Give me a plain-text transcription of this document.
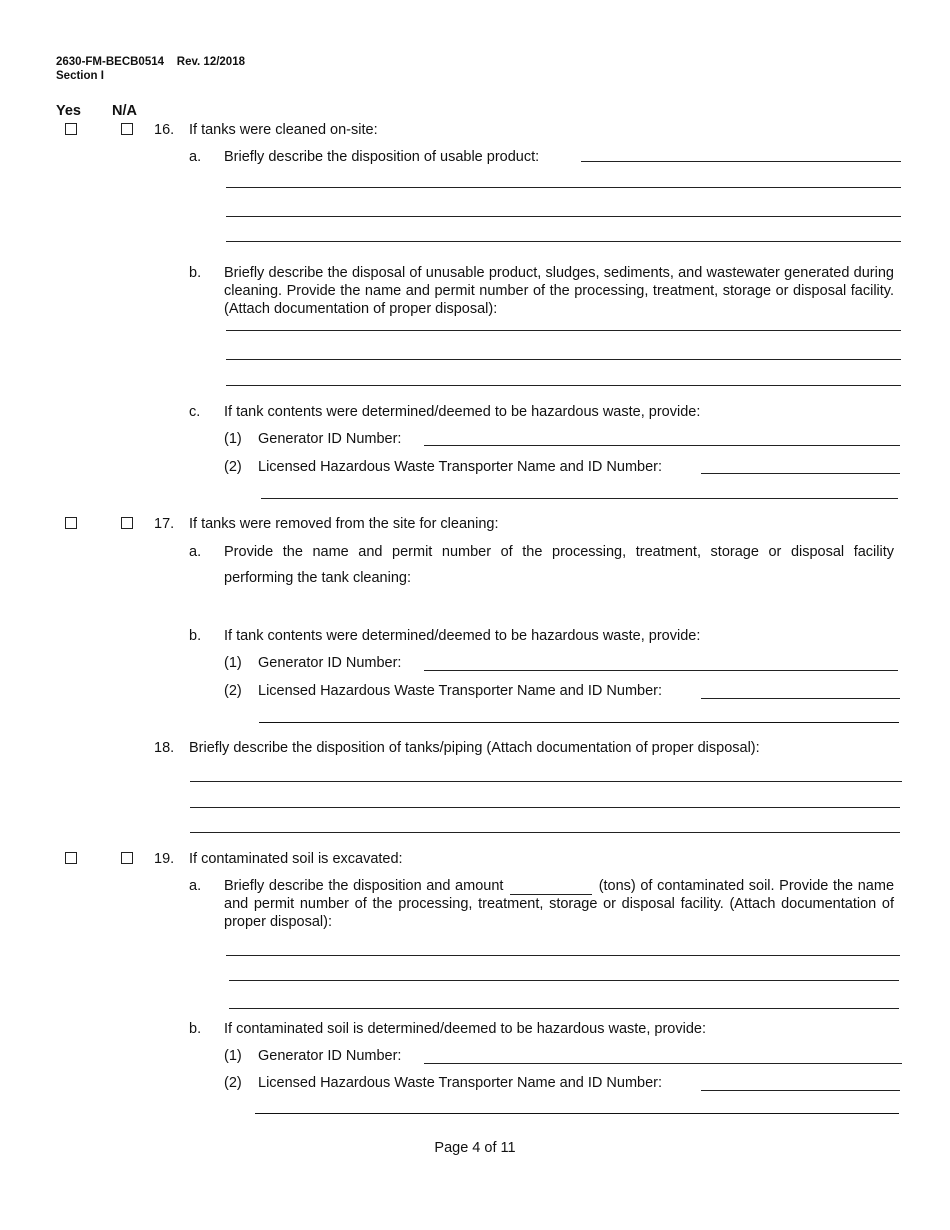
2630-FM-BECB0514 Rev. 12/2018
Section I
Yes N/A
16. If tanks were cleaned on-site:
a. Briefly describe the disposition of usable product:
b. Briefly describe the disposal of unusable product, sludges, sediments, and wastewater generated during cleaning. Provide the name and permit number of the processing, treatment, storage or disposal facility. (Attach documentation of proper disposal):
c. If tank contents were determined/deemed to be hazardous waste, provide:
(1) Generator ID Number:
(2) Licensed Hazardous Waste Transporter Name and ID Number:
17. If tanks were removed from the site for cleaning:
a. Provide the name and permit number of the processing, treatment, storage or disposal facility
performing the tank cleaning:
b. If tank contents were determined/deemed to be hazardous waste, provide:
(1) Generator ID Number:
(2) Licensed Hazardous Waste Transporter Name and ID Number:
18. Briefly describe the disposition of tanks/piping (Attach documentation of proper disposal):
19. If contaminated soil is excavated:
a. Briefly describe the disposition and amount	(tons) of contaminated soil. Provide the name and permit number of the processing, treatment, storage or disposal facility. (Attach documentation of proper disposal):
b. If contaminated soil is determined/deemed to be hazardous waste, provide:
(1) Generator ID Number:
(2) Licensed Hazardous Waste Transporter Name and ID Number:
Page 4 of 11
